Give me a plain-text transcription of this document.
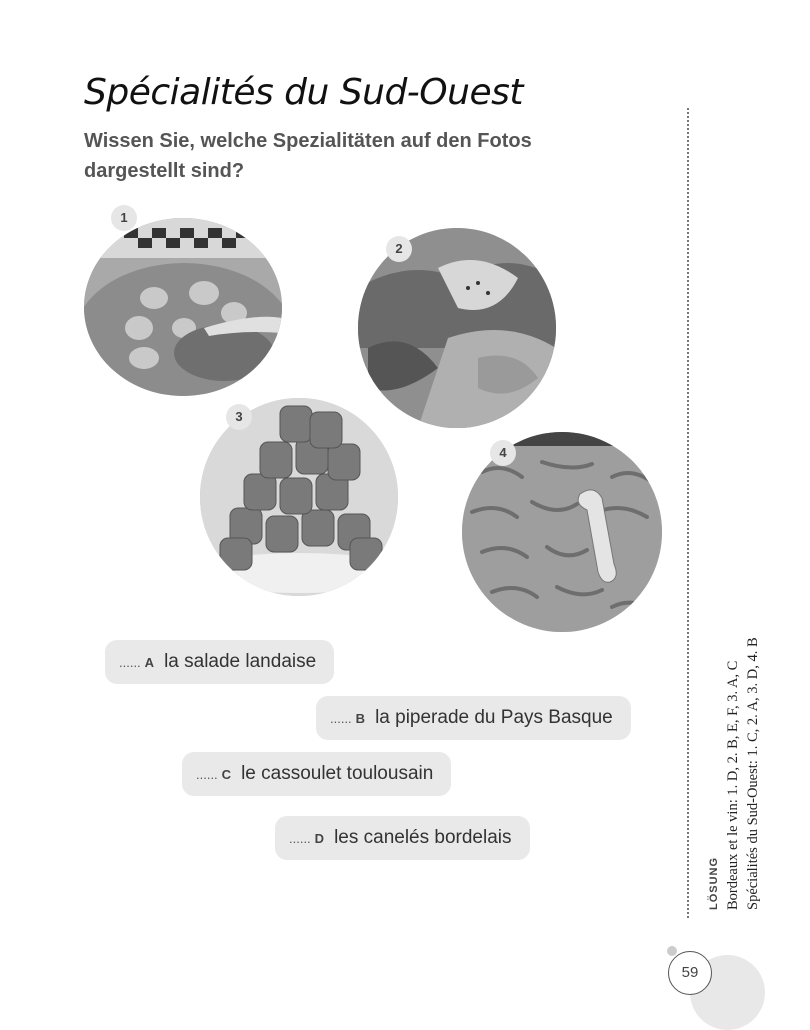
Spécialités du Sud-Ouest
Wissen Sie, welche Spezialitäten auf den Fotos dargestellt sind?
1
2
3
4
...... A la salade landaise
...... B la piperade du Pays Basque
...... C le cassoulet toulousain
...... D les canelés bordelais
LÖSUNG Bordeaux et le vin: 1. D, 2. B, E, F, 3. A, C
Spécialités du Sud-Ouest: 1. C, 2. A, 3. D, 4. B
59
